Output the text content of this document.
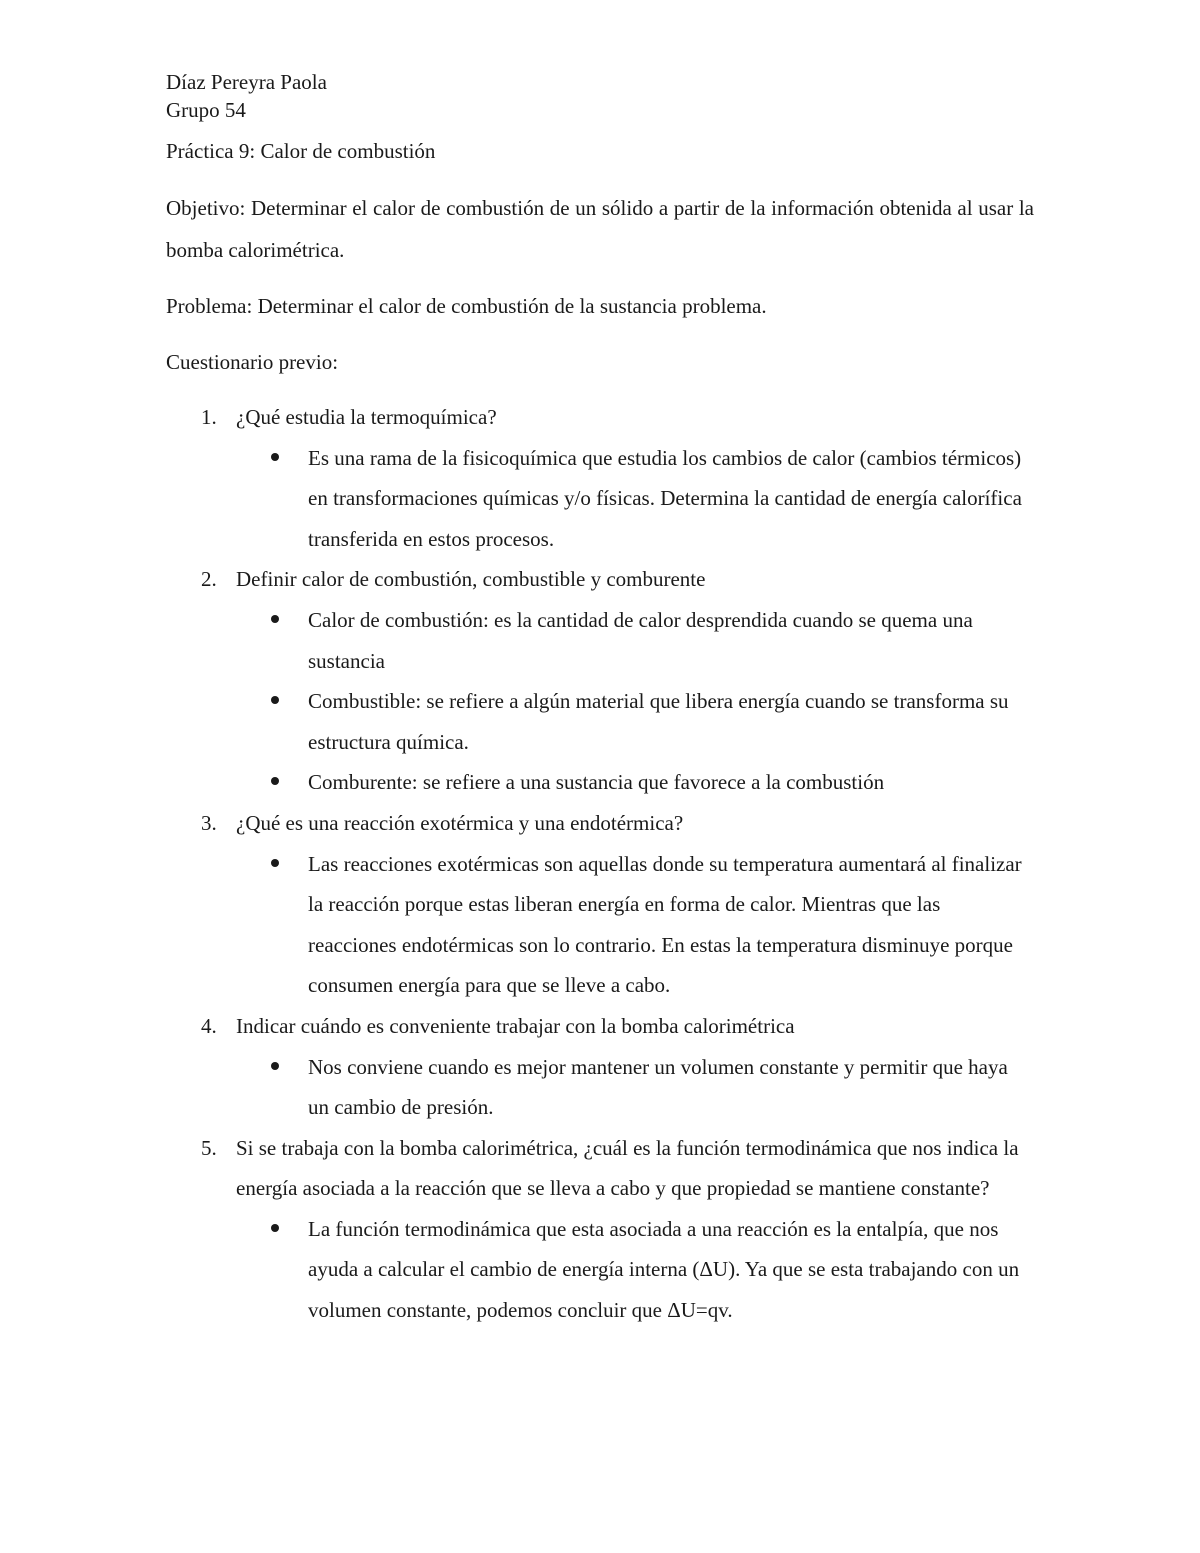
Díaz Pereyra Paola

Grupo 54

Práctica 9: Calor de combustión

Objetivo: Determinar el calor de combustión de un sólido a partir de la información obtenida al usar la bomba calorimétrica.

Problema: Determinar el calor de combustión de la sustancia problema.

Cuestionario previo:

1. ¿Qué estudia la termoquímica?
Es una rama de la fisicoquímica que estudia los cambios de calor (cambios térmicos) en transformaciones químicas y/o físicas. Determina la cantidad de energía calorífica transferida en estos procesos.
2. Definir calor de combustión, combustible y comburente
Calor de combustión: es la cantidad de calor desprendida cuando se quema una sustancia
Combustible: se refiere a algún material que libera energía cuando se transforma su estructura química.
Comburente: se refiere a una sustancia que favorece a la combustión
3. ¿Qué es una reacción exotérmica y una endotérmica?
Las reacciones exotérmicas son aquellas donde su temperatura aumentará al finalizar la reacción porque estas liberan energía en forma de calor. Mientras que las reacciones endotérmicas son lo contrario. En estas la temperatura disminuye porque consumen energía para que se lleve a cabo.
4. Indicar cuándo es conveniente trabajar con la bomba calorimétrica
Nos conviene cuando es mejor mantener un volumen constante y permitir que haya un cambio de presión.
5. Si se trabaja con la bomba calorimétrica, ¿cuál es la función termodinámica que nos indica la energía asociada a la reacción que se lleva a cabo y que propiedad se mantiene constante?
La función termodinámica que esta asociada a una reacción es la entalpía, que nos ayuda a calcular el cambio de energía interna (ΔU). Ya que se esta trabajando con un volumen constante, podemos concluir que ΔU=qv.
